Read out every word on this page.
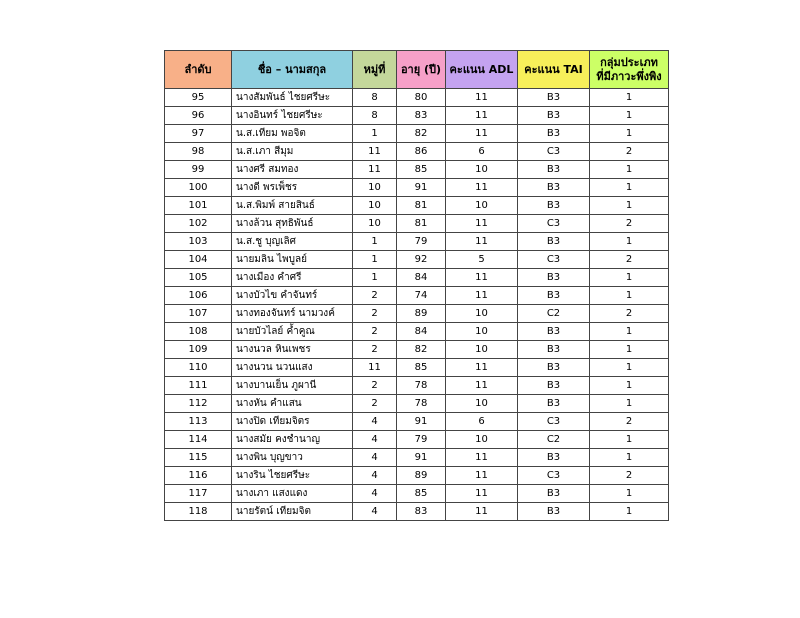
ลำดับ	ชื่อ – นามสกุล	หมู่ที่	อายุ (ปี)	คะแนน ADL	คะแนน TAI	กลุ่มประเภท
ที่มีภาวะพึ่งพิง
95	นางสัมพันธ์ ไชยศรีษะ	8	80	11	B3	1
96	นางอินทร์ ไชยศรีษะ	8	83	11	B3	1
97	น.ส.เทียม พอจิต	1	82	11	B3	1
98	น.ส.เภา สีมุม	11	86	6	C3	2
99	นางศรี สมทอง	11	85	10	B3	1
100	นางดี พรเพ็ชร	10	91	11	B3	1
101	น.ส.พิมพ์ สายสินธ์	10	81	10	B3	1
102	นางล้วน สุทธิพันธ์	10	81	11	C3	2
103	น.ส.ชู บุญเลิศ	1	79	11	B3	1
104	นายมลิน ไพบูลย์	1	92	5	C3	2
105	นางเมือง คำศรี	1	84	11	B3	1
106	นางบัวไข คำจันทร์	2	74	11	B3	1
107	นางทองจันทร์ นามวงค์	2	89	10	C2	2
108	นายบัวไลย์ ค้ำคูณ	2	84	10	B3	1
109	นางนวล หินเพชร	2	82	10	B3	1
110	นางนวน นวนแสง	11	85	11	B3	1
111	นางบานเย็น ภูผานี	2	78	11	B3	1
112	นางหัน คำแสน	2	78	10	B3	1
113	นางปิด เทียมจิตร	4	91	6	C3	2
114	นางสมัย คงชำนาญ	4	79	10	C2	1
115	นางพิน บุญขาว	4	91	11	B3	1
116	นางริน ไชยศรีษะ	4	89	11	C3	2
117	นางเภา แสงแดง	4	85	11	B3	1
118	นายรัตน์ เทียมจิต	4	83	11	B3	1
